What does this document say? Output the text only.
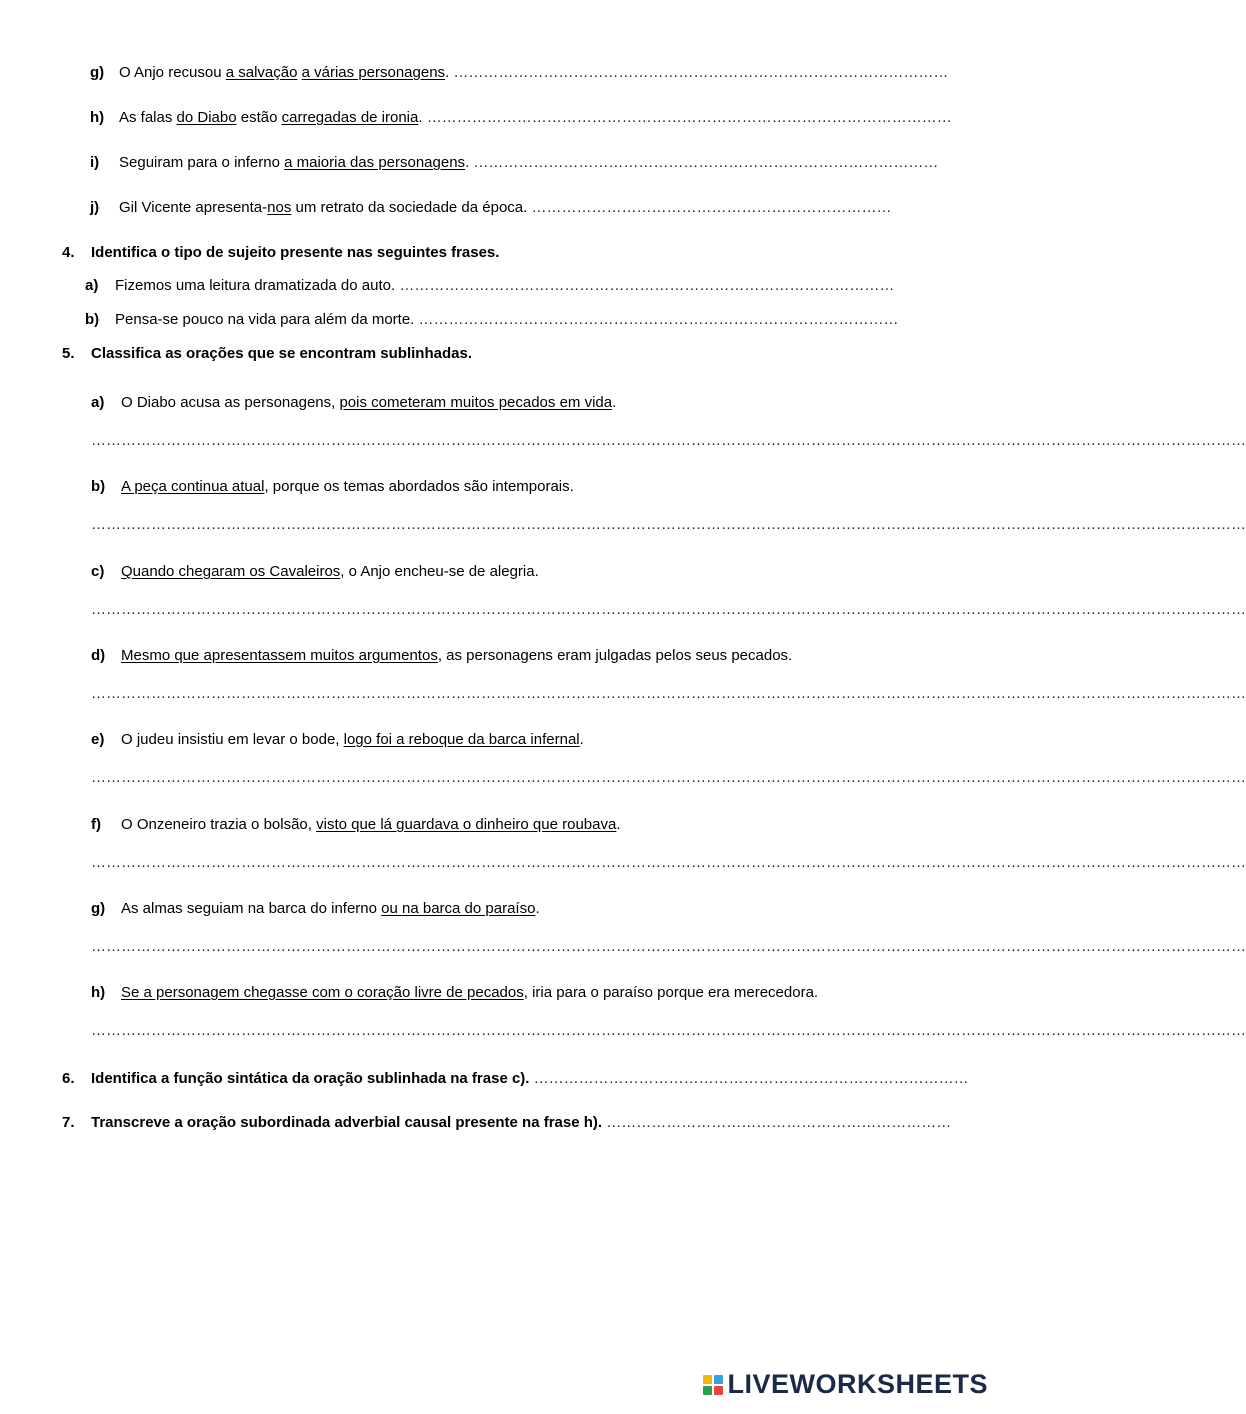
g) O Anjo recusou a salvação a várias personagens. ………………………………………………………………………………………
h) As falas do Diabo estão carregadas de ironia. ……………………………………………………………………………………………
i) Seguiram para o inferno a maioria das personagens. …………………………………………………………………………………
j) Gil Vicente apresenta-nos um retrato da sociedade da época. ………………………………………………………………
4. Identifica o tipo de sujeito presente nas seguintes frases.
a) Fizemos uma leitura dramatizada do auto. ………………………………………………………………………………………
b) Pensa-se pouco na vida para além da morte. ……………………………………………………………………………………
5. Classifica as orações que se encontram sublinhadas.
a) O Diabo acusa as personagens, pois cometeram muitos pecados em vida.
……………………………………………………………………………………………………………………………………………………………………………………………………………
b) A peça continua atual, porque os temas abordados são intemporais.
……………………………………………………………………………………………………………………………………………………………………………………………………………
c) Quando chegaram os Cavaleiros, o Anjo encheu-se de alegria.
……………………………………………………………………………………………………………………………………………………………………………………………………………
d) Mesmo que apresentassem muitos argumentos, as personagens eram julgadas pelos seus pecados.
……………………………………………………………………………………………………………………………………………………………………………………………………………
e) O judeu insistiu em levar o bode, logo foi a reboque da barca infernal.
……………………………………………………………………………………………………………………………………………………………………………………………………………
f) O Onzeneiro trazia o bolsão, visto que lá guardava o dinheiro que roubava.
……………………………………………………………………………………………………………………………………………………………………………………………………………
g) As almas seguiam na barca do inferno ou na barca do paraíso.
……………………………………………………………………………………………………………………………………………………………………………………………………………
h) Se a personagem chegasse com o coração livre de pecados, iria para o paraíso porque era merecedora.
……………………………………………………………………………………………………………………………………………………………………………………………………………
6. Identifica a função sintática da oração sublinhada na frase c). ……………………………………………………………………………
7. Transcreve a oração subordinada adverbial causal presente na frase h). ……………………………………………………………
LIVEWORKSHEETS
